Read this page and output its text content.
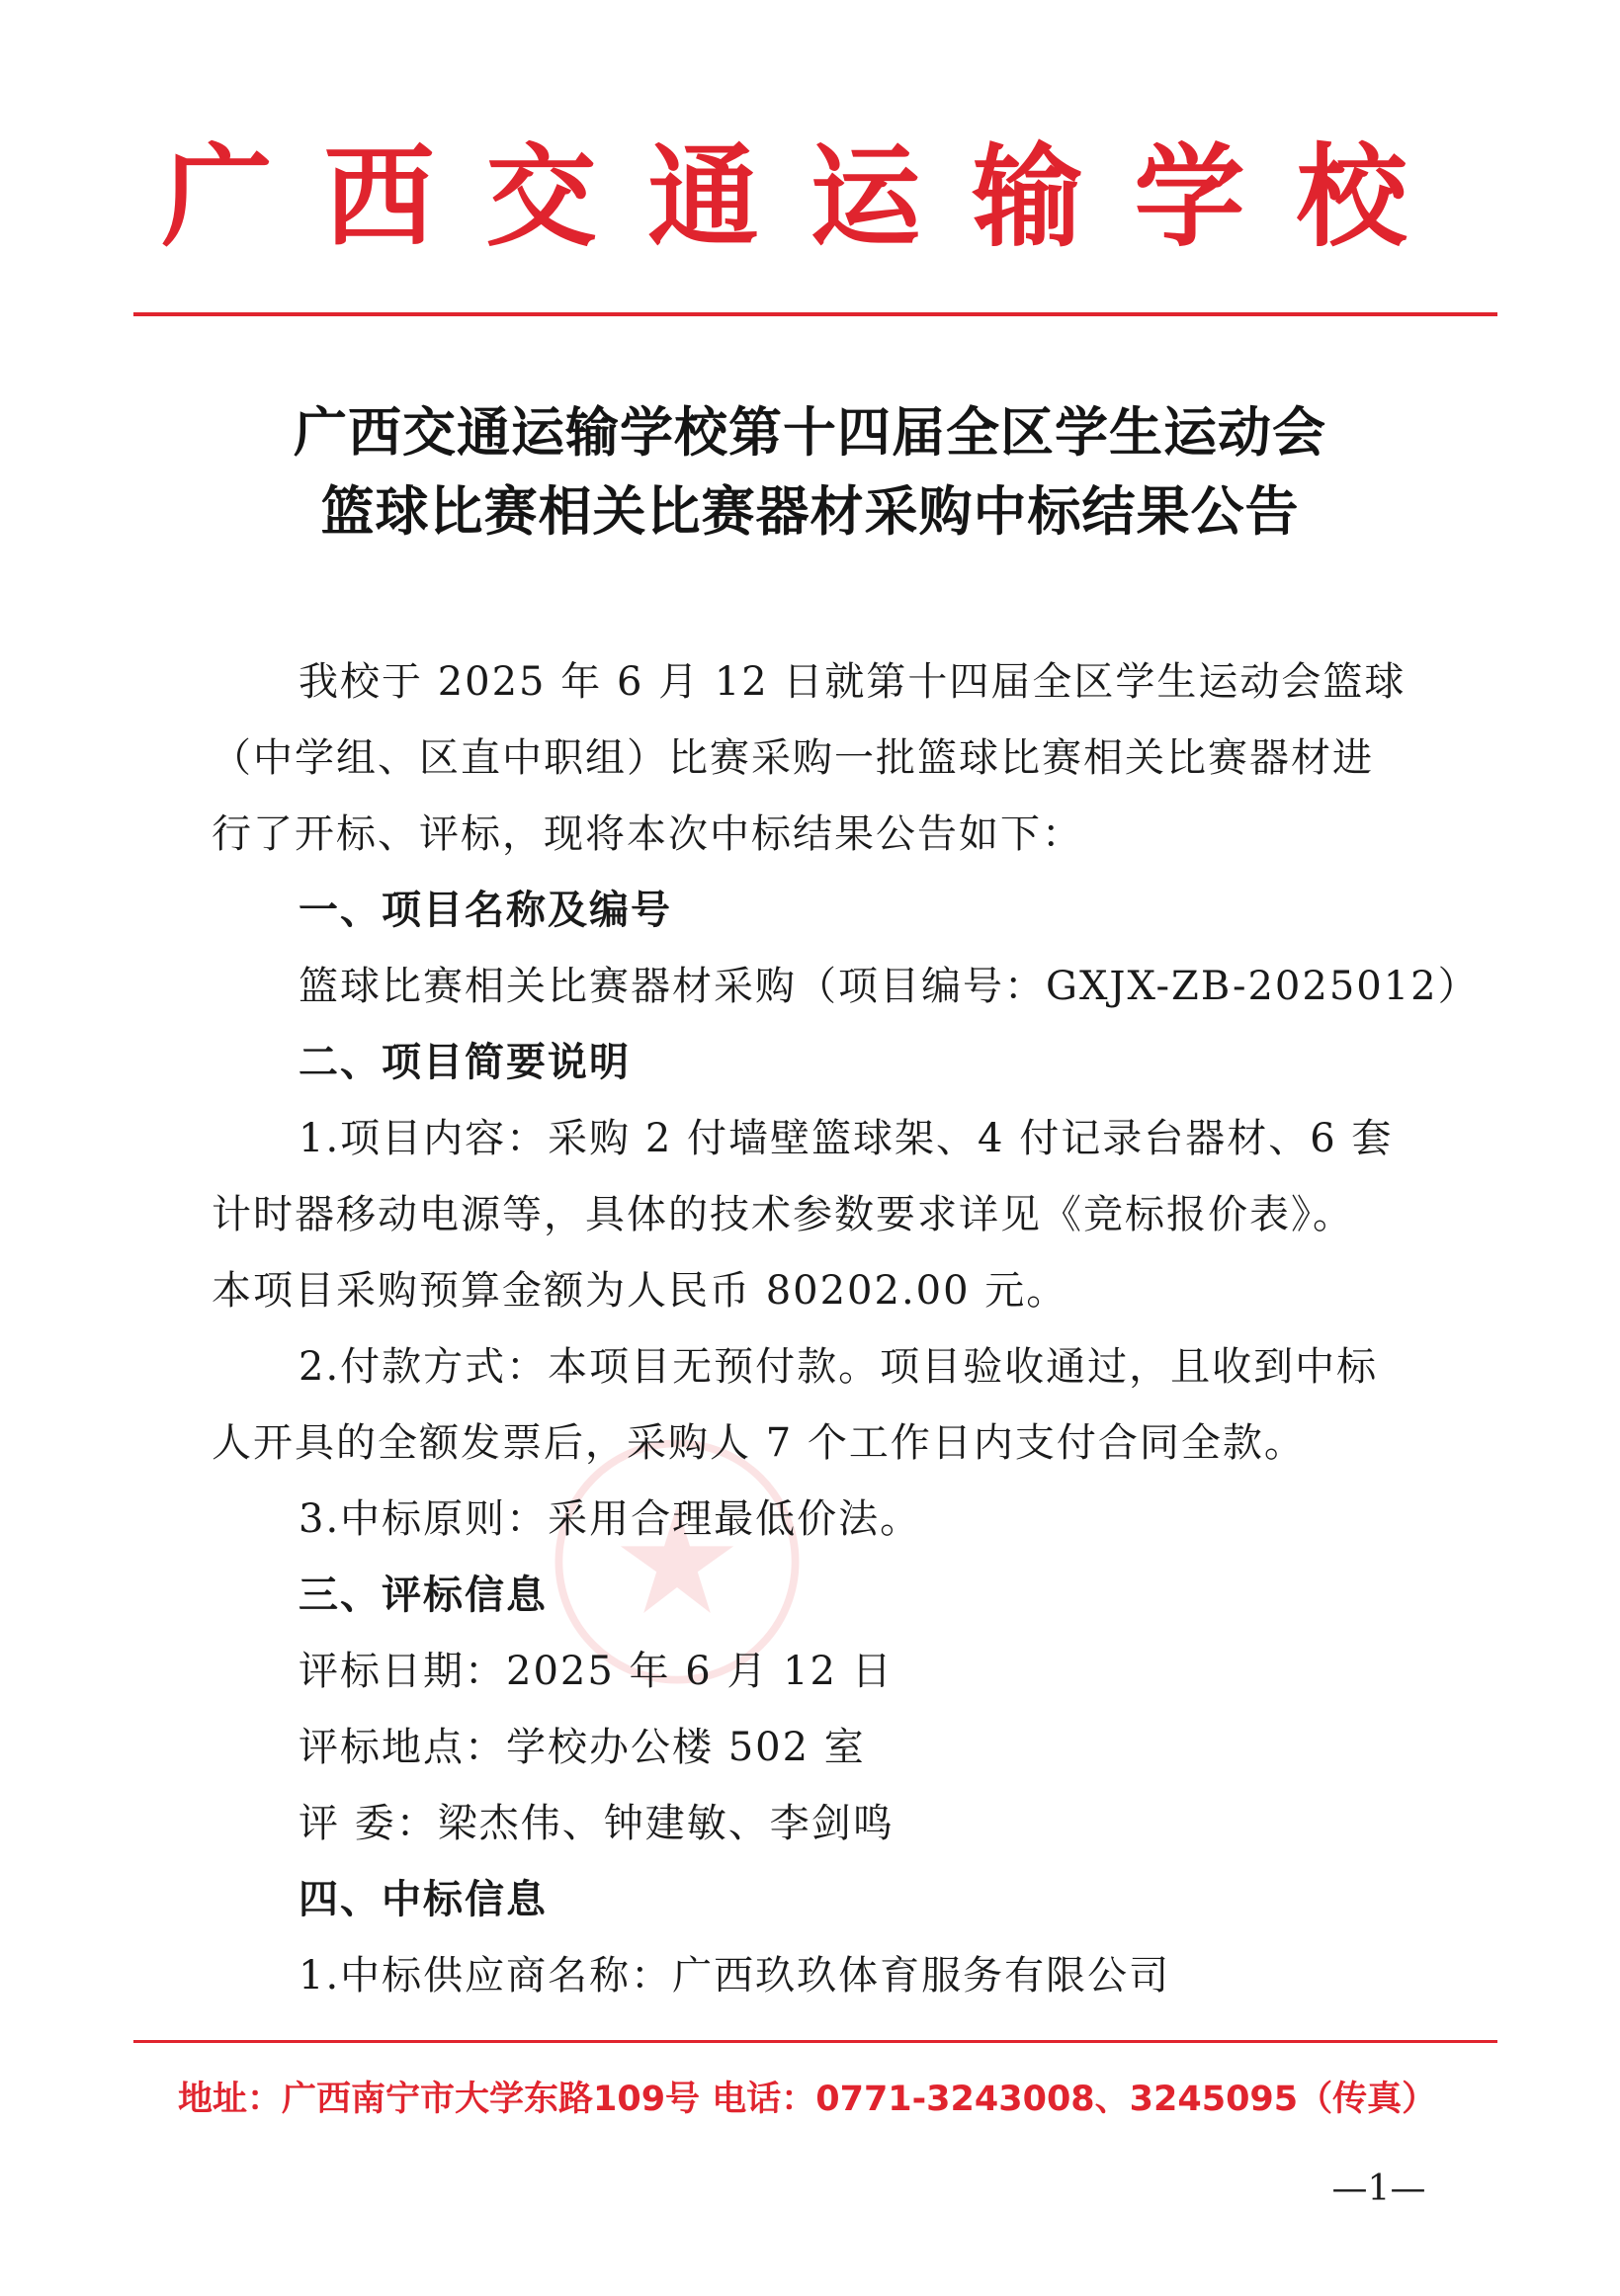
广西交通运输学校
广西交通运输学校第十四届全区学生运动会
篮球比赛相关比赛器材采购中标结果公告

我校于 2025 年 6 月 12 日就第十四届全区学生运动会篮球

（中学组、区直中职组）比赛采购一批篮球比赛相关比赛器材进

行了开标、评标，现将本次中标结果公告如下：

一、项目名称及编号

篮球比赛相关比赛器材采购（项目编号：GXJX-ZB-2025012）

二、项目简要说明

1.项目内容：采购 2 付墙壁篮球架、4 付记录台器材、6 套

计时器移动电源等，具体的技术参数要求详见《竞标报价表》。

本项目采购预算金额为人民币 80202.00 元。

2.付款方式：本项目无预付款。项目验收通过，且收到中标

人开具的全额发票后，采购人 7 个工作日内支付合同全款。

3.中标原则：采用合理最低价法。

三、评标信息

评标日期：2025 年 6 月 12 日

评标地点：学校办公楼 502 室

评 委：梁杰伟、钟建敏、李剑鸣

四、中标信息

1.中标供应商名称：广西玖玖体育服务有限公司

地址：广西南宁市大学东路109号 电话：0771-3243008、3245095（传真）
—1—
